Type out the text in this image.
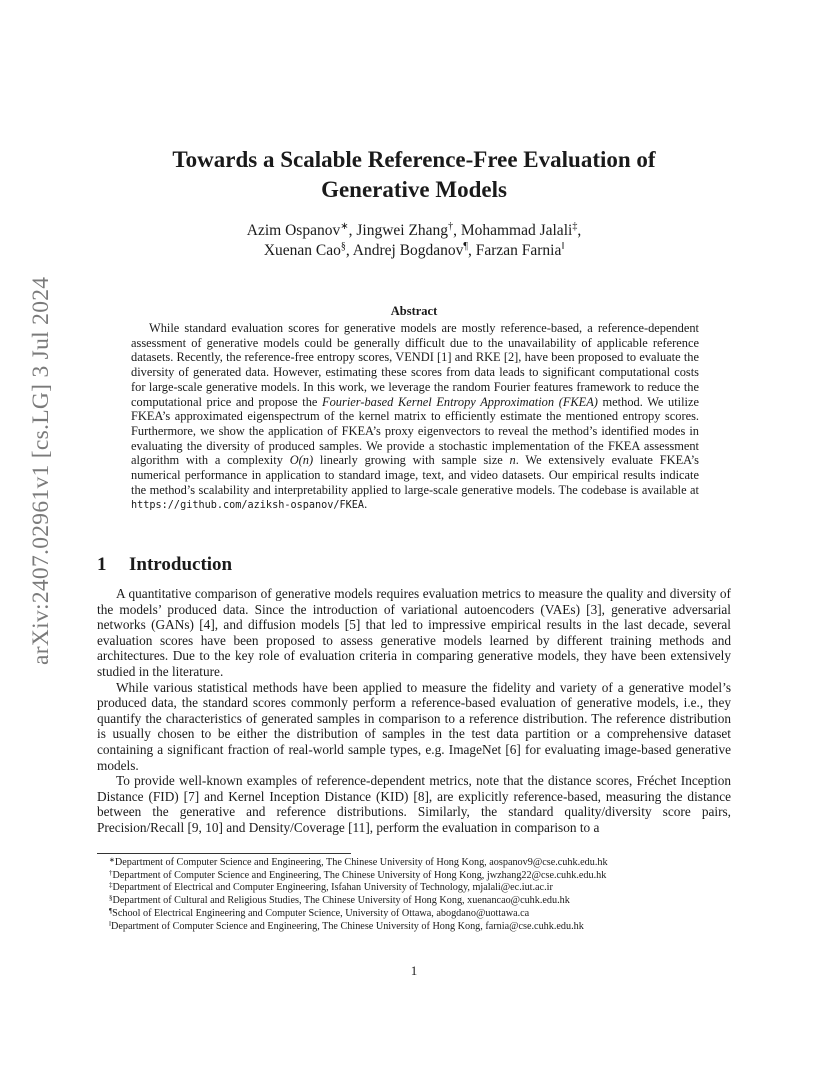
arXiv:2407.02961v1 [cs.LG] 3 Jul 2024
Towards a Scalable Reference-Free Evaluation of
Generative Models
Azim Ospanov∗, Jingwei Zhang†, Mohammad Jalali‡,
Xuenan Cao§, Andrej Bogdanov¶, Farzan Farnia‖
Abstract

While standard evaluation scores for generative models are mostly reference-based, a reference-dependent assessment of generative models could be generally difficult due to the unavailability of applicable reference datasets. Recently, the reference-free entropy scores, VENDI [1] and RKE [2], have been proposed to evaluate the diversity of generated data. However, estimating these scores from data leads to significant computational costs for large-scale generative models. In this work, we leverage the random Fourier features framework to reduce the computational price and propose the Fourier-based Kernel Entropy Approximation (FKEA) method. We utilize FKEA’s approximated eigenspectrum of the kernel matrix to efficiently estimate the mentioned entropy scores. Furthermore, we show the application of FKEA’s proxy eigenvectors to reveal the method’s identified modes in evaluating the diversity of produced samples. We provide a stochastic implementation of the FKEA assessment algorithm with a complexity O(n) linearly growing with sample size n. We extensively evaluate FKEA’s numerical performance in application to standard image, text, and video datasets. Our empirical results indicate the method’s scalability and interpretability applied to large-scale generative models. The codebase is available at https://github.com/aziksh-ospanov/FKEA.

1 Introduction

A quantitative comparison of generative models requires evaluation metrics to measure the quality and diversity of the models’ produced data. Since the introduction of variational autoencoders (VAEs) [3], generative adversarial networks (GANs) [4], and diffusion models [5] that led to impressive empirical results in the last decade, several evaluation scores have been proposed to assess generative models learned by different training methods and architectures. Due to the key role of evaluation criteria in comparing generative models, they have been extensively studied in the literature.

While various statistical methods have been applied to measure the fidelity and variety of a generative model’s produced data, the standard scores commonly perform a reference-based evaluation of generative models, i.e., they quantify the characteristics of generated samples in comparison to a reference distribution. The reference distribution is usually chosen to be either the distribution of samples in the test data partition or a comprehensive dataset containing a significant fraction of real-world sample types, e.g. ImageNet [6] for evaluating image-based generative models.

To provide well-known examples of reference-dependent metrics, note that the distance scores, Fréchet Inception Distance (FID) [7] and Kernel Inception Distance (KID) [8], are explicitly reference-based, measuring the distance between the generative and reference distributions. Similarly, the standard quality/diversity score pairs, Precision/Recall [9, 10] and Density/Coverage [11], perform the evaluation in comparison to a

∗Department of Computer Science and Engineering, The Chinese University of Hong Kong, aospanov9@cse.cuhk.edu.hk
†Department of Computer Science and Engineering, The Chinese University of Hong Kong, jwzhang22@cse.cuhk.edu.hk
‡Department of Electrical and Computer Engineering, Isfahan University of Technology, mjalali@ec.iut.ac.ir
§Department of Cultural and Religious Studies, The Chinese University of Hong Kong, xuenancao@cuhk.edu.hk
¶School of Electrical Engineering and Computer Science, University of Ottawa, abogdano@uottawa.ca
‖Department of Computer Science and Engineering, The Chinese University of Hong Kong, farnia@cse.cuhk.edu.hk
1
